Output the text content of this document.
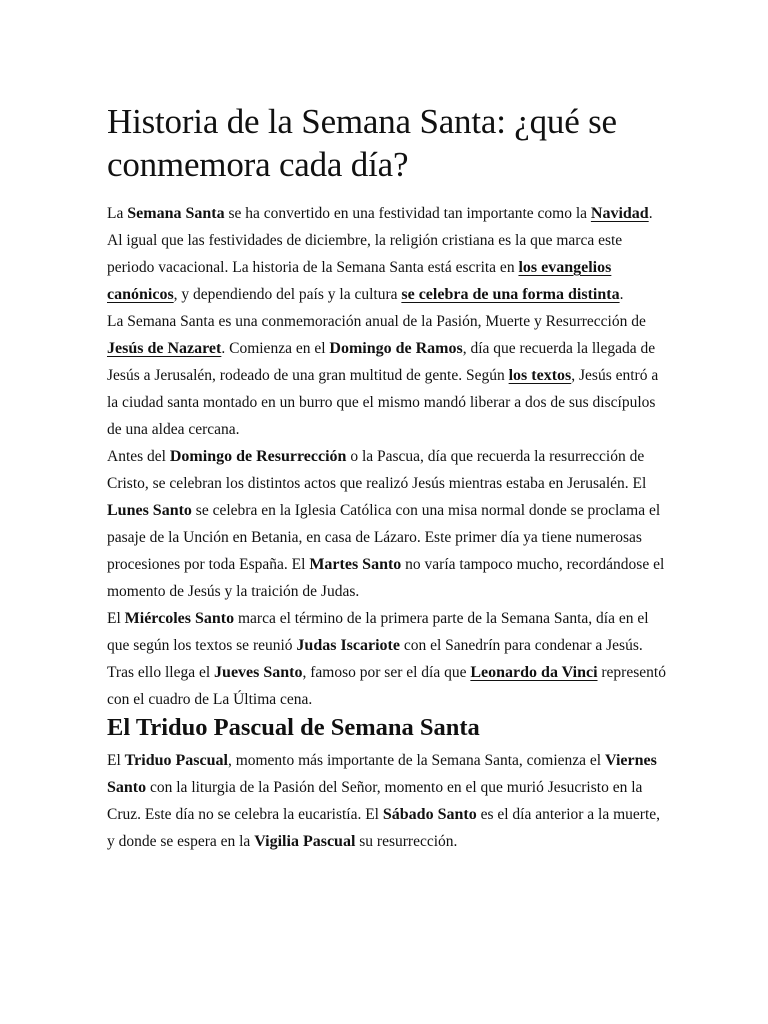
Historia de la Semana Santa: ¿qué se conmemora cada día?

La Semana Santa se ha convertido en una festividad tan importante como la Navidad. Al igual que las festividades de diciembre, la religión cristiana es la que marca este periodo vacacional. La historia de la Semana Santa está escrita en los evangelios canónicos, y dependiendo del país y la cultura se celebra de una forma distinta.

La Semana Santa es una conmemoración anual de la Pasión, Muerte y Resurrección de Jesús de Nazaret. Comienza en el Domingo de Ramos, día que recuerda la llegada de Jesús a Jerusalén, rodeado de una gran multitud de gente. Según los textos, Jesús entró a la ciudad santa montado en un burro que el mismo mandó liberar a dos de sus discípulos de una aldea cercana.

Antes del Domingo de Resurrección o la Pascua, día que recuerda la resurrección de Cristo, se celebran los distintos actos que realizó Jesús mientras estaba en Jerusalén. El Lunes Santo se celebra en la Iglesia Católica con una misa normal donde se proclama el pasaje de la Unción en Betania, en casa de Lázaro. Este primer día ya tiene numerosas procesiones por toda España. El Martes Santo no varía tampoco mucho, recordándose el momento de Jesús y la traición de Judas.

El Miércoles Santo marca el término de la primera parte de la Semana Santa, día en el que según los textos se reunió Judas Iscariote con el Sanedrín para condenar a Jesús. Tras ello llega el Jueves Santo, famoso por ser el día que Leonardo da Vinci representó con el cuadro de La Última cena.

El Triduo Pascual de Semana Santa

El Triduo Pascual, momento más importante de la Semana Santa, comienza el Viernes Santo con la liturgia de la Pasión del Señor, momento en el que murió Jesucristo en la Cruz. Este día no se celebra la eucaristía. El Sábado Santo es el día anterior a la muerte, y donde se espera en la Vigilia Pascual su resurrección.
